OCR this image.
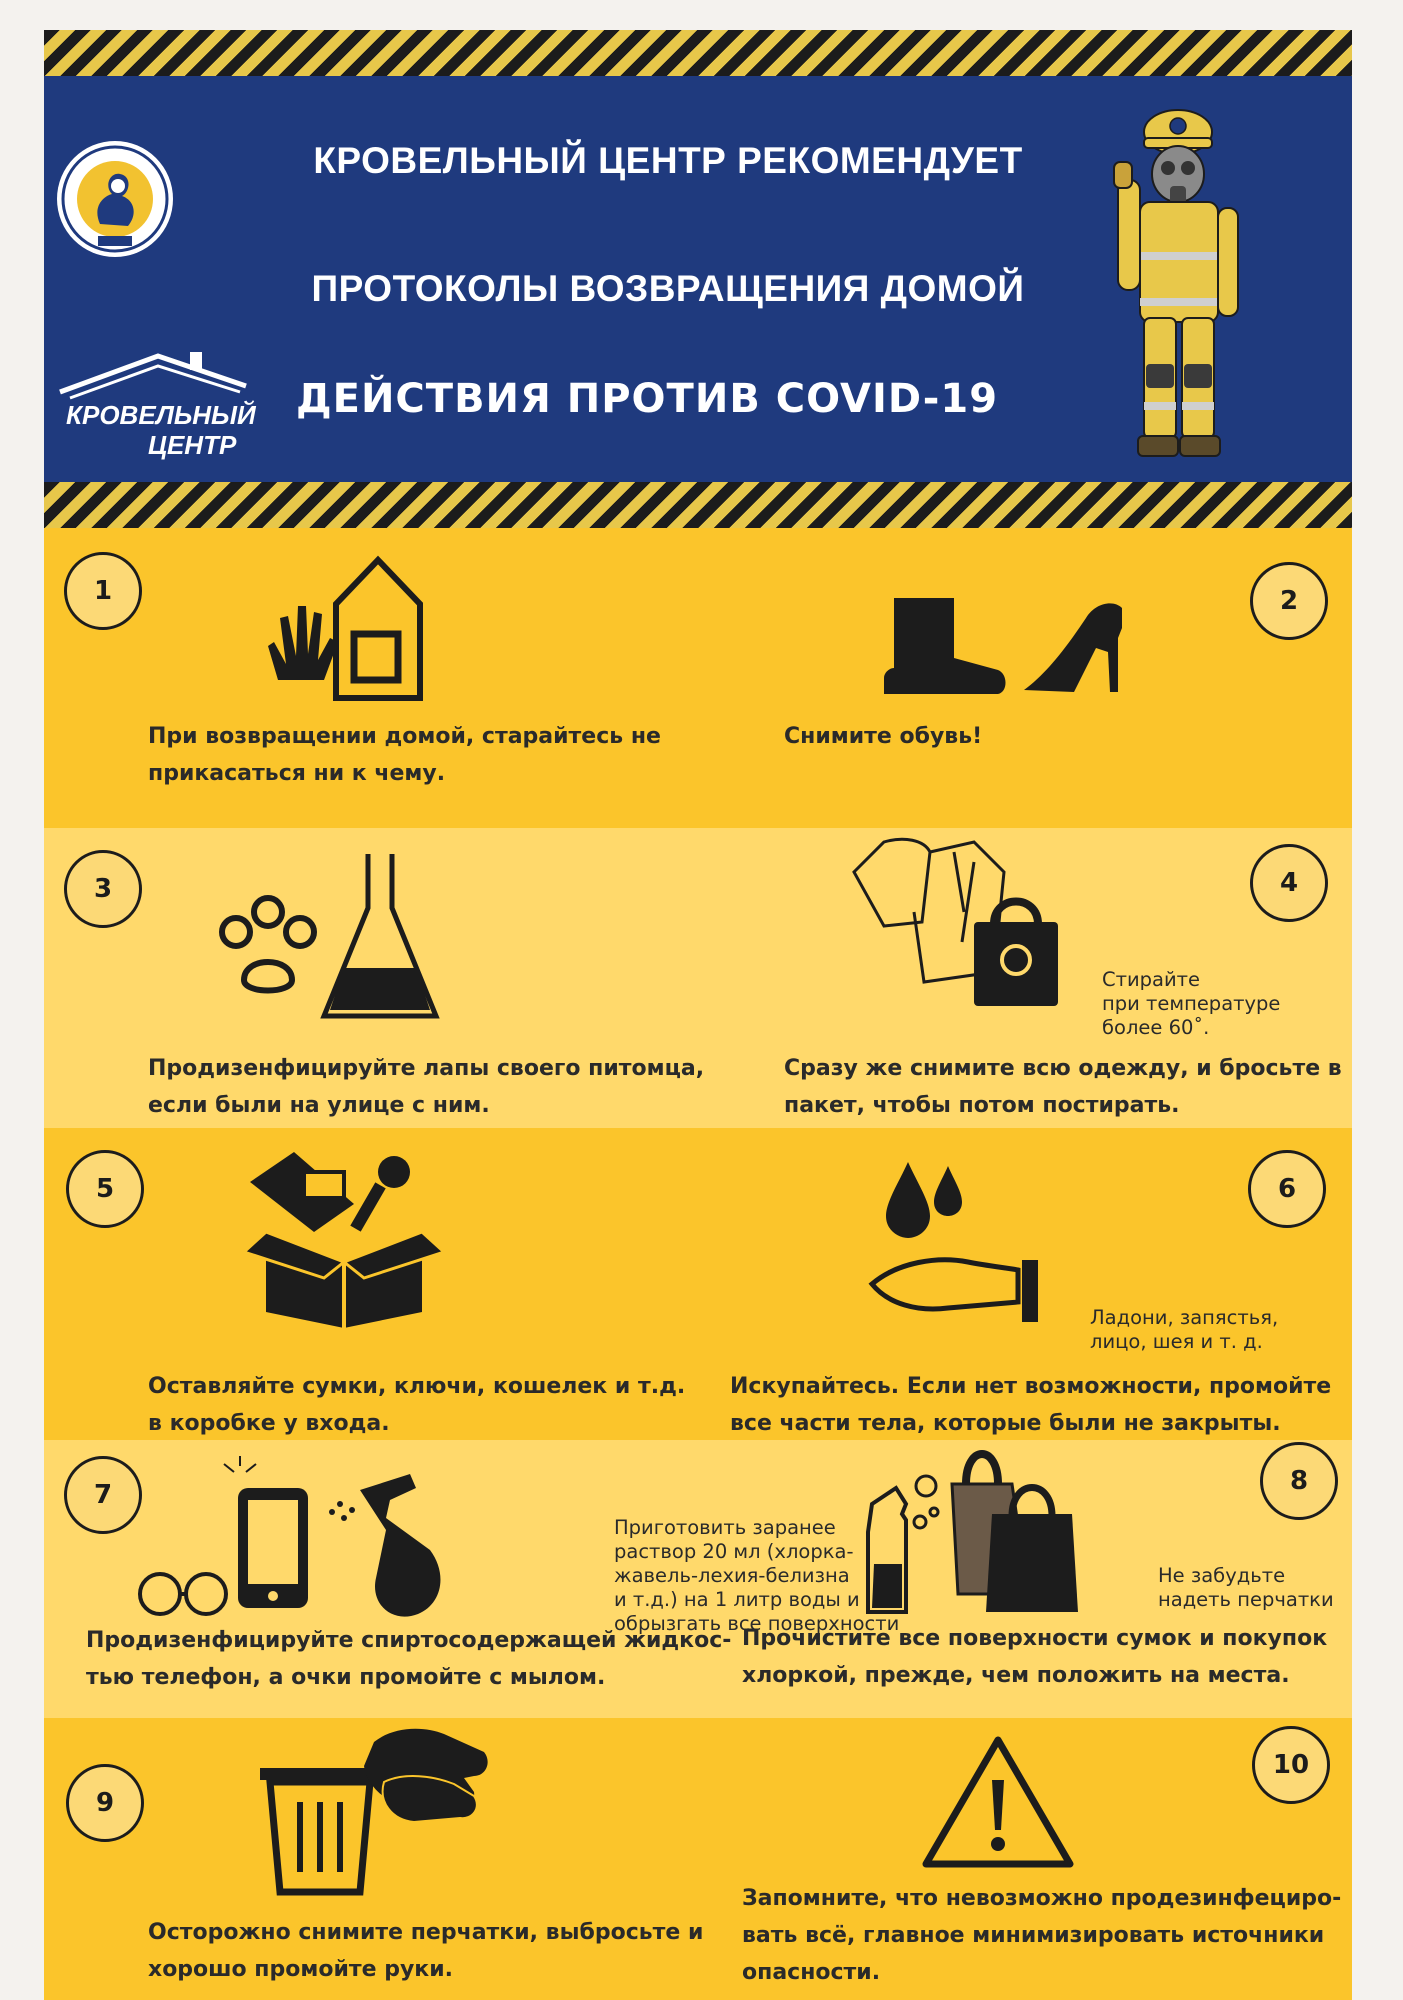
КРОВЕЛЬНЫЙ ЦЕНТР РЕКОМЕНДУЕТ
ПРОТОКОЛЫ ВОЗВРАЩЕНИЯ ДОМОЙ
ДЕЙСТВИЯ ПРОТИВ COVID-19
КРОВЕЛЬНЫЙ
ЦЕНТР
1
При возвращении домой, старайтесь не
прикасаться ни к чему.
2
Снимите обувь!
3
Продизенфицируйте лапы своего питомца,
если были на улице с ним.
4
Стирайте
при температуре
более 60˚.
Сразу же снимите всю одежду, и бросьте в
пакет, чтобы потом постирать.
5
Оставляйте сумки, ключи, кошелек и т.д.
в коробке у входа.
6
Ладони, запястья,
лицо, шея и т. д.
Искупайтесь. Если нет возможности, промойте
все части тела, которые были не закрыты.
7
Приготовить заранее
раствор 20 мл (хлорка-
жавель-лехия-белизна
и т.д.) на 1 литр воды и
обрызгать все поверхности
8
Не забудьте
надеть перчатки
Продизенфицируйте спиртосодержащей жидкос-
тью телефон, а очки промойте с мылом.
Прочистите все поверхности сумок и покупок
хлоркой, прежде, чем положить на места.
9
Осторожно снимите перчатки, выбросьте и
хорошо промойте руки.
10
Запомните, что невозможно продезинфециро-
вать всё, главное минимизировать источники
опасности.
